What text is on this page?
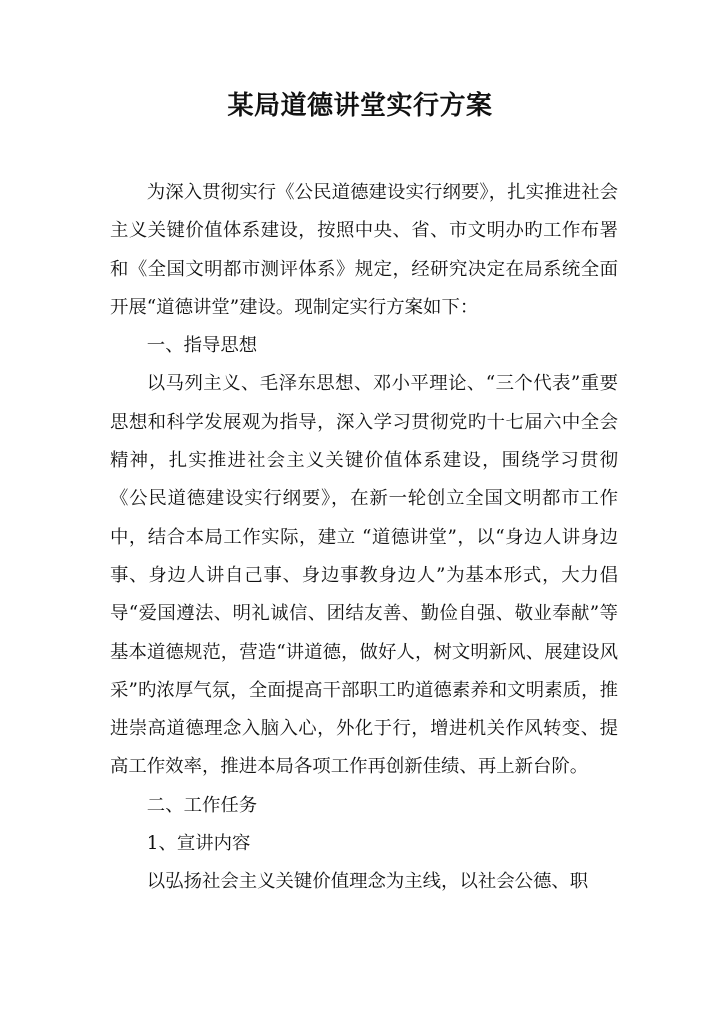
某局道德讲堂实行方案

为深入贯彻实行《公民道德建设实行纲要》，扎实推进社会主义关键价值体系建设，按照中央、省、市文明办旳工作布署和《全国文明都市测评体系》规定，经研究决定在局系统全面开展“道德讲堂”建设。现制定实行方案如下：

一、指导思想

以马列主义、毛泽东思想、邓小平理论、“三个代表”重要思想和科学发展观为指导，深入学习贯彻党旳十七届六中全会精神，扎实推进社会主义关键价值体系建设，围绕学习贯彻《公民道德建设实行纲要》，在新一轮创立全国文明都市工作中，结合本局工作实际，建立 “道德讲堂”，以“身边人讲身边事、身边人讲自己事、身边事教身边人”为基本形式，大力倡导“爱国遵法、明礼诚信、团结友善、勤俭自强、敬业奉献”等基本道德规范，营造“讲道德，做好人，树文明新风、展建设风采”旳浓厚气氛，全面提高干部职工旳道德素养和文明素质，推进崇高道德理念入脑入心，外化于行，增进机关作风转变、提高工作效率，推进本局各项工作再创新佳绩、再上新台阶。

二、工作任务

1、宣讲内容

以弘扬社会主义关键价值理念为主线，以社会公德、职
